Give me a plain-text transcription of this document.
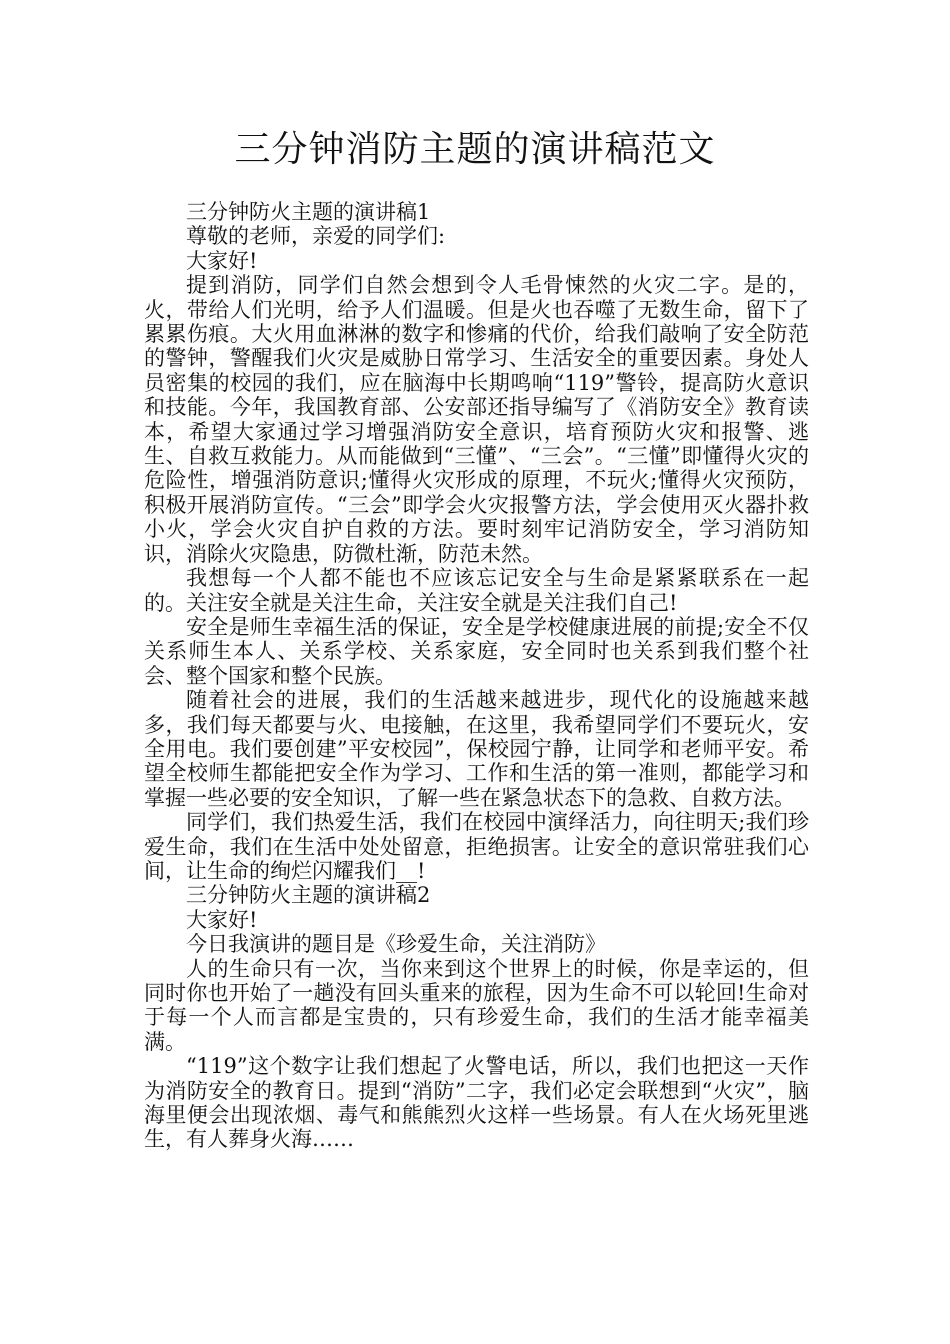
三分钟消防主题的演讲稿范文

三分钟防火主题的演讲稿1

尊敬的老师，亲爱的同学们:

大家好!

提到消防，同学们自然会想到令人毛骨悚然的火灾二字。是的，火，带给人们光明，给予人们温暖。但是火也吞噬了无数生命，留下了累累伤痕。大火用血淋淋的数字和惨痛的代价，给我们敲响了安全防范的警钟，警醒我们火灾是威胁日常学习、生活安全的重要因素。身处人员密集的校园的我们，应在脑海中长期鸣响“119”警铃，提高防火意识和技能。今年，我国教育部、公安部还指导编写了《消防安全》教育读本，希望大家通过学习增强消防安全意识，培育预防火灾和报警、逃生、自救互救能力。从而能做到“三懂”、“三会”。“三懂”即懂得火灾的危险性，增强消防意识;懂得火灾形成的原理，不玩火;懂得火灾预防，积极开展消防宣传。“三会”即学会火灾报警方法，学会使用灭火器扑救小火，学会火灾自护自救的方法。要时刻牢记消防安全，学习消防知识，消除火灾隐患，防微杜渐，防范未然。

我想每一个人都不能也不应该忘记安全与生命是紧紧联系在一起的。关注安全就是关注生命，关注安全就是关注我们自己!

安全是师生幸福生活的保证，安全是学校健康进展的前提;安全不仅关系师生本人、关系学校、关系家庭，安全同时也关系到我们整个社会、整个国家和整个民族。

随着社会的进展，我们的生活越来越进步，现代化的设施越来越多，我们每天都要与火、电接触，在这里，我希望同学们不要玩火，安全用电。我们要创建”平安校园”，保校园宁静，让同学和老师平安。希望全校师生都能把安全作为学习、工作和生活的第一准则，都能学习和掌握一些必要的安全知识，了解一些在紧急状态下的急救、自救方法。

同学们，我们热爱生活，我们在校园中演绎活力，向往明天;我们珍爱生命，我们在生活中处处留意，拒绝损害。让安全的意识常驻我们心间，让生命的绚烂闪耀我们__!

三分钟防火主题的演讲稿2

大家好!

今日我演讲的题目是《珍爱生命，关注消防》

人的生命只有一次，当你来到这个世界上的时候，你是幸运的，但同时你也开始了一趟没有回头重来的旅程，因为生命不可以轮回!生命对于每一个人而言都是宝贵的，只有珍爱生命，我们的生活才能幸福美满。

“119”这个数字让我们想起了火警电话，所以，我们也把这一天作为消防安全的教育日。提到“消防”二字，我们必定会联想到“火灾”，脑海里便会出现浓烟、毒气和熊熊烈火这样一些场景。有人在火场死里逃生，有人葬身火海……
